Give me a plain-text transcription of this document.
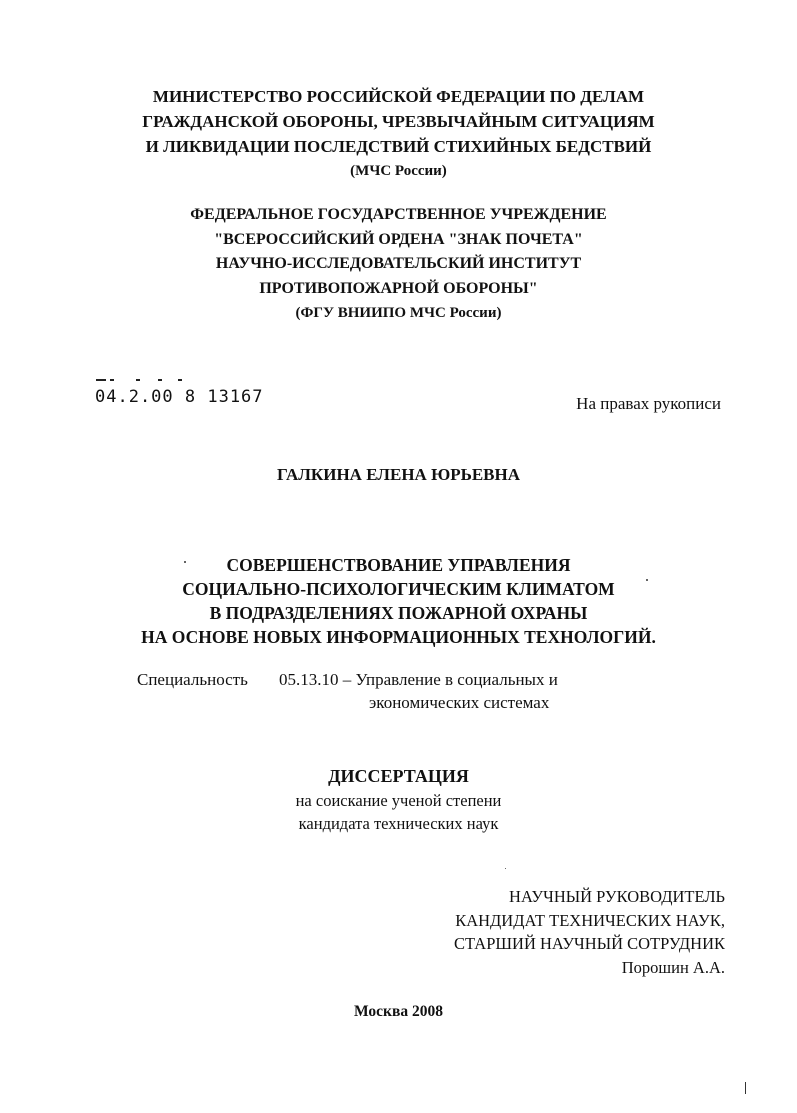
МИНИСТЕРСТВО РОССИЙСКОЙ ФЕДЕРАЦИИ ПО ДЕЛАМ
ГРАЖДАНСКОЙ ОБОРОНЫ, ЧРЕЗВЫЧАЙНЫМ СИТУАЦИЯМ
И ЛИКВИДАЦИИ ПОСЛЕДСТВИЙ СТИХИЙНЫХ БЕДСТВИЙ
(МЧС России)
ФЕДЕРАЛЬНОЕ ГОСУДАРСТВЕННОЕ УЧРЕЖДЕНИЕ
"ВСЕРОССИЙСКИЙ ОРДЕНА "ЗНАК ПОЧЕТА"
НАУЧНО-ИССЛЕДОВАТЕЛЬСКИЙ ИНСТИТУТ
ПРОТИВОПОЖАРНОЙ ОБОРОНЫ"
(ФГУ ВНИИПО МЧС России)
04.2.00 8 13167	На правах рукописи
ГАЛКИНА ЕЛЕНА ЮРЬЕВНА
СОВЕРШЕНСТВОВАНИЕ УПРАВЛЕНИЯ
СОЦИАЛЬНО-ПСИХОЛОГИЧЕСКИМ КЛИМАТОМ
В ПОДРАЗДЕЛЕНИЯХ ПОЖАРНОЙ ОХРАНЫ
НА ОСНОВЕ НОВЫХ ИНФОРМАЦИОННЫХ ТЕХНОЛОГИЙ.
Специальность 05.13.10 – Управление в социальных и
экономических системах
ДИССЕРТАЦИЯ
на соискание ученой степени
кандидата технических наук
НАУЧНЫЙ РУКОВОДИТЕЛЬ
КАНДИДАТ ТЕХНИЧЕСКИХ НАУК,
СТАРШИЙ НАУЧНЫЙ СОТРУДНИК
Порошин А.А.
Москва 2008
